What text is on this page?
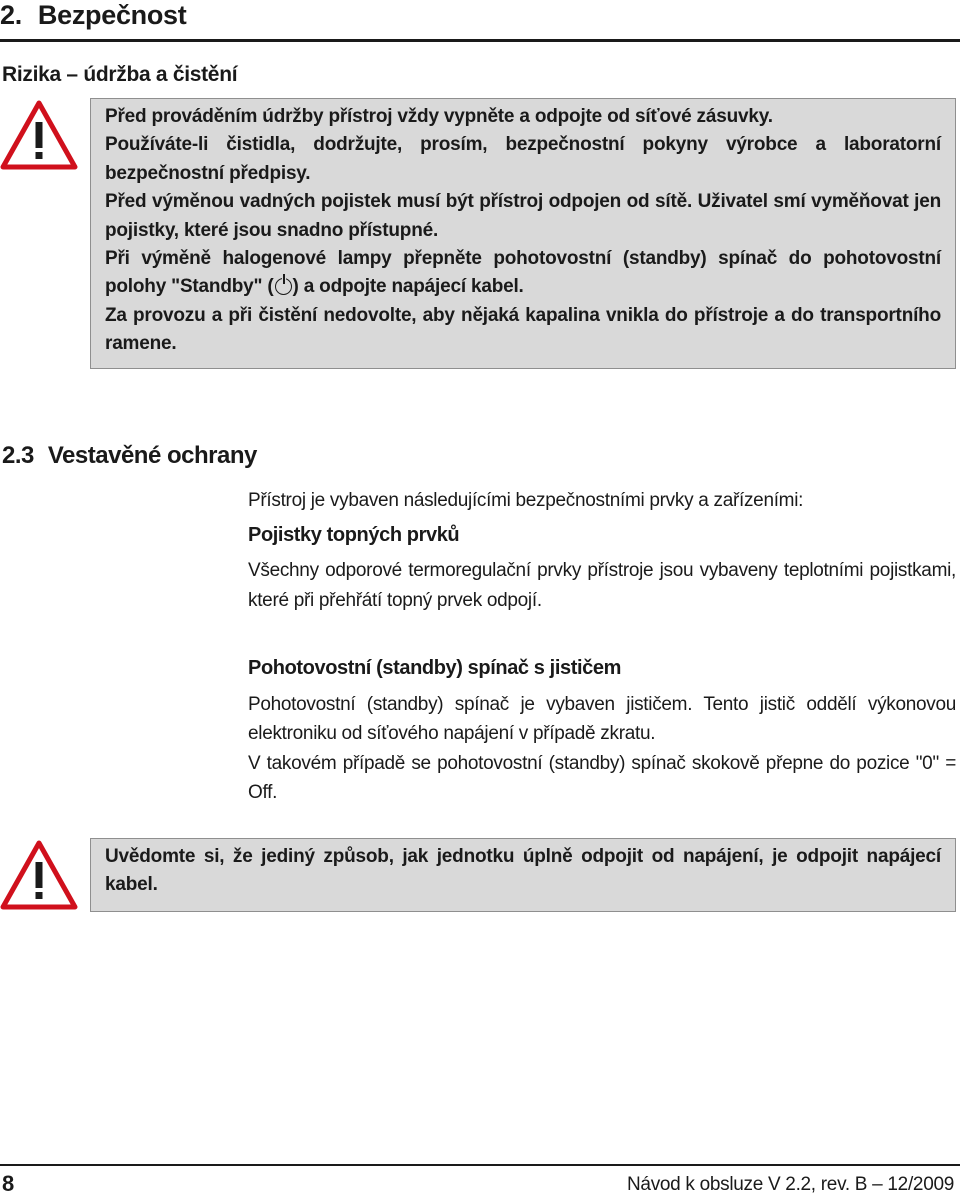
2. Bezpečnost
Rizika – údržba a čistění

Před prováděním údržby přístroj vždy vypněte a odpojte od síťové zásuvky.

Používáte-li čistidla, dodržujte, prosím, bezpečnostní pokyny výrobce a laboratorní bezpečnostní předpisy.

Před výměnou vadných pojistek musí být přístroj odpojen od sítě. Uživatel smí vyměňovat jen pojistky, které jsou snadno přístupné.

Při výměně halogenové lampy přepněte pohotovostní (standby) spínač do pohotovostní polohy "Standby" ( ) a odpojte napájecí kabel.

Za provozu a při čistění nedovolte, aby nějaká kapalina vnikla do přístroje a do transportního ramene.

2.3 Vestavěné ochrany

Přístroj je vybaven následujícími bezpečnostními prvky a zařízeními:

Pojistky topných prvků

Všechny odporové termoregulační prvky přístroje jsou vybaveny teplotními pojistkami, které při přehřátí topný prvek odpojí.

Pohotovostní (standby) spínač s jističem

Pohotovostní (standby) spínač je vybaven jističem. Tento jistič oddělí výkonovou elektroniku od síťového napájení v případě zkratu.

V takovém případě se pohotovostní (standby) spínač skokově přepne do pozice "0" = Off.

Uvědomte si, že jediný způsob, jak jednotku úplně odpojit od napájení, je odpojit napájecí kabel.

8	Návod k obsluze V 2.2, rev. B – 12/2009
